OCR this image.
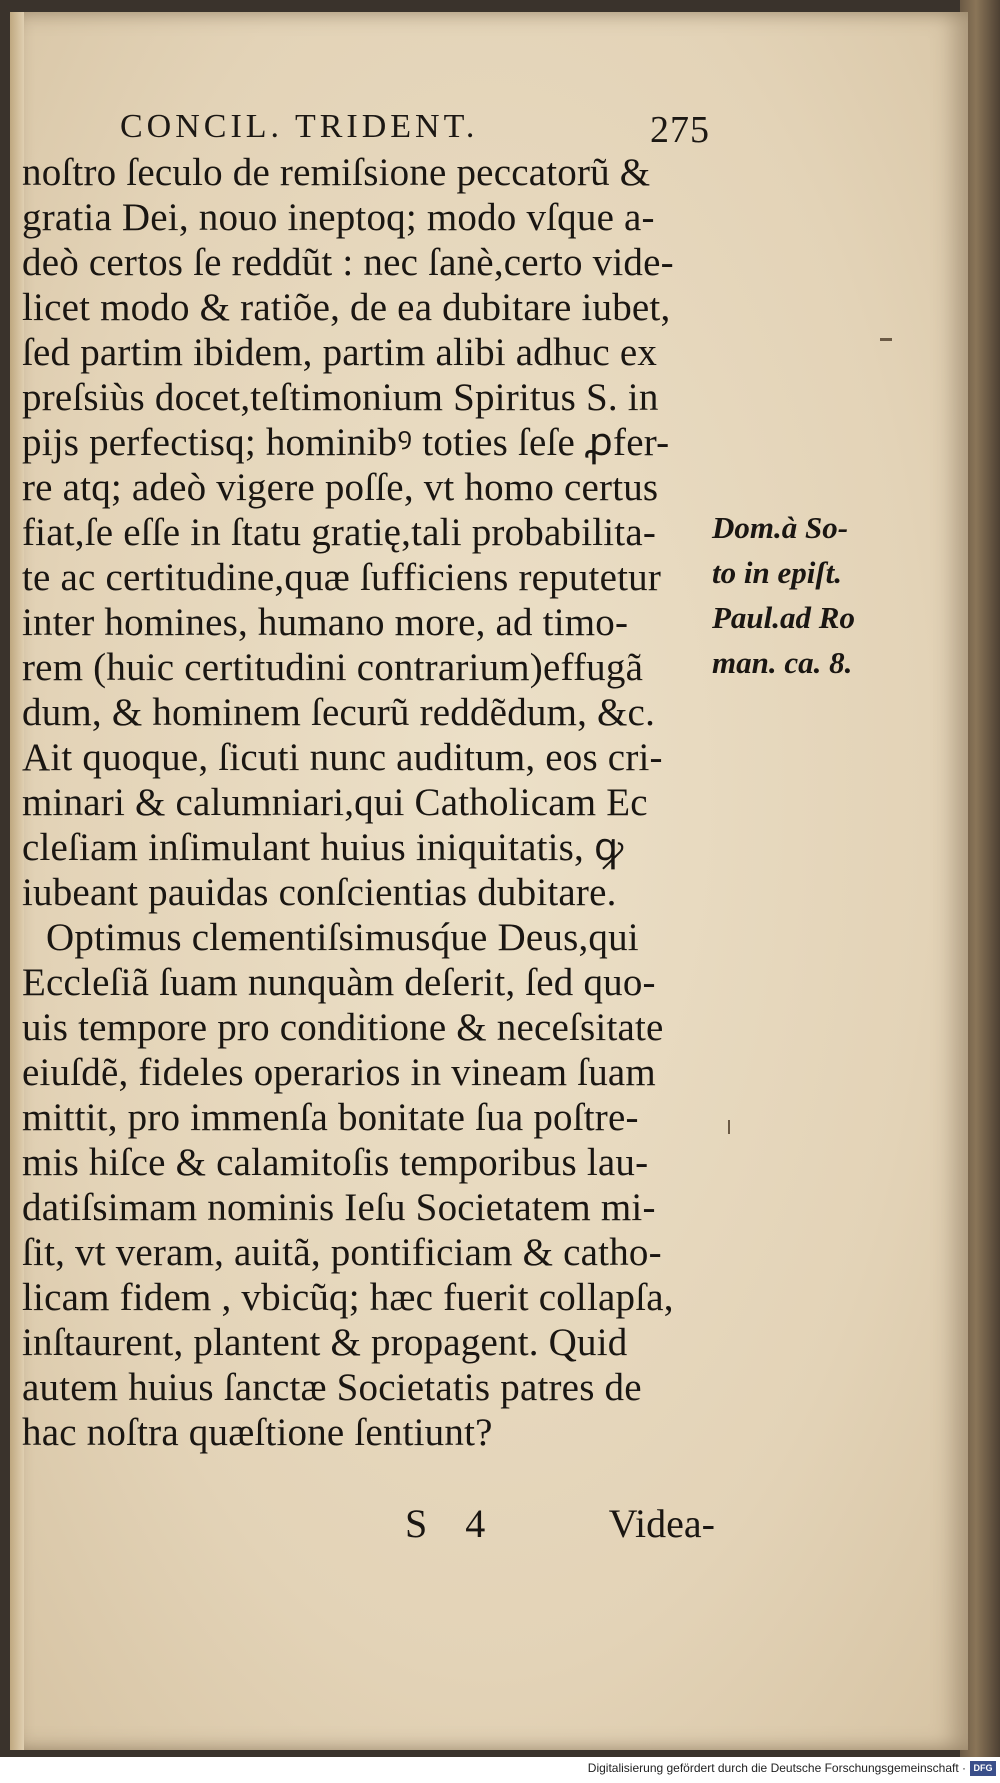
CONCIL. TRIDENT.	275
noſtro ſeculo de remiſsione peccatorũ &
gratia Dei, nouo ineptoq; modo vſque a-
deò certos ſe reddũt : nec ſanè,certo vide-
licet modo & ratiõe, de ea dubitare iubet,
ſed partim ibidem, partim alibi adhuc ex
preſsiùs docet,teſtimonium Spiritus S. in
pijs perfectisq; hominibꝰ toties ſeſe ꝓfer-
re atq; adeò vigere poſſe, vt homo certus
fiat,ſe eſſe in ſtatu gratię,tali probabilita-
te ac certitudine,quæ ſufficiens reputetur
inter homines, humano more, ad timo-
rem (huic certitudini contrarium)effugã
dum, & hominem ſecurũ reddẽdum, &c.
Ait quoque, ſicuti nunc auditum, eos cri-
minari & calumniari,qui Catholicam Ec
cleſiam inſimulant huius iniquitatis, ꝙ
iubeant pauidas conſcientias dubitare.
Optimus clementiſsimusq́ue Deus,qui
Eccleſiã ſuam nunquàm deſerit, ſed quo-
uis tempore pro conditione & neceſsitate
eiuſdẽ, fideles operarios in vineam ſuam
mittit, pro immenſa bonitate ſua poſtre-
mis hiſce & calamitoſis temporibus lau-
datiſsimam nominis Ieſu Societatem mi-
ſit, vt veram, auitã, pontificiam & catho-
licam fidem , vbicũq; hæc fuerit collapſa,
inſtaurent, plantent & propagent. Quid
autem huius ſanctæ Societatis patres de
hac noſtra quæſtione ſentiunt?
Dom.à So-
to in epiſt.
Paul.ad Ro
man. ca. 8.
S 4	Videa-
Digitalisierung gefördert durch die Deutsche Forschungsgemeinschaft · DFG
